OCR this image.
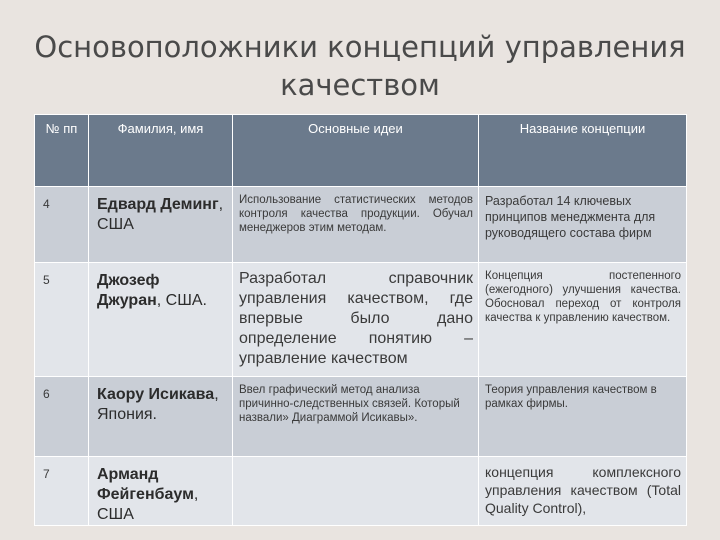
Основоположники концепций управления
качеством
№ пп	Фамилия, имя	Основные идеи	Название концепции
4	Едвард Деминг, США	Использование статистических методов контроля качества продукции. Обучал менеджеров этим методам.	Разработал 14 ключевых принципов менеджмента для руководящего состава фирм
5	Джозеф Джуран, США.	Разработал справочник управления качеством, где впервые было дано определение понятию – управление качеством	Концепция постепенного (ежегодного) улучшения качества. Обосновал переход от контроля качества к управлению качеством.
6	Каору Исикава, Япония.	Ввел графический метод анализа причинно-следственных связей. Который назвали» Диаграммой Исикавы».	Теория управления качеством в рамках фирмы.
7	Арманд Фейгенбаум, США		концепция комплексного управления качеством (Total Quality Control),
